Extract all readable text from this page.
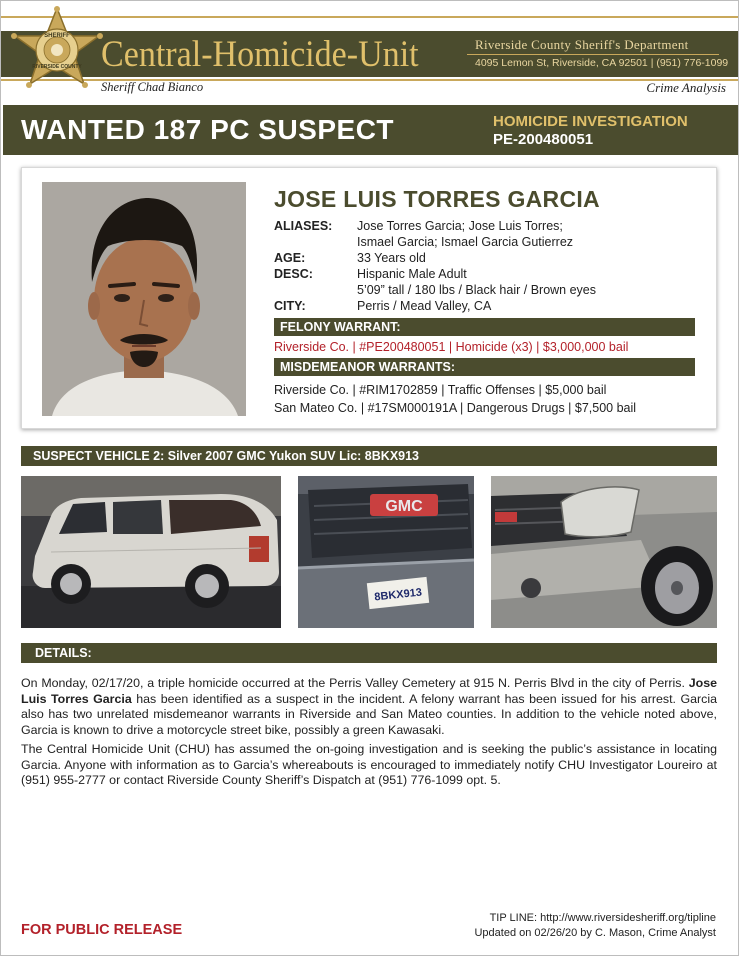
SHERIFF
RIVERSIDE COUNTY Central-Homicide-Unit	Riverside County Sheriff's Department
4095 Lemon St, Riverside, CA 92501 | (951) 776-1099
Sheriff Chad Bianco	Crime Analysis
WANTED 187 PC SUSPECT	HOMICIDE INVESTIGATION
PE-200480051
JOSE LUIS TORRES GARCIA
ALIASES:	Jose Torres Garcia; Jose Luis Torres;
Ismael Garcia; Ismael Garcia Gutierrez
AGE:	33 Years old
DESC:	Hispanic Male Adult
5’09” tall / 180 lbs / Black hair / Brown eyes
CITY:	Perris / Mead Valley, CA
FELONY WARRANT:
Riverside Co. | #PE200480051 | Homicide (x3) | $3,000,000 bail
MISDEMEANOR WARRANTS:
Riverside Co. | #RIM1702859 | Traffic Offenses | $5,000 bail
San Mateo Co. | #17SM000191A | Dangerous Drugs | $7,500 bail
SUSPECT VEHICLE 2: Silver 2007 GMC Yukon SUV Lic: 8BKX913
GMC
8BKX913
DETAILS:

On Monday, 02/17/20, a triple homicide occurred at the Perris Valley Cemetery at 915 N. Perris Blvd in the city of Perris. Jose Luis Torres Garcia has been identified as a suspect in the incident. A felony warrant has been issued for his arrest. Garcia also has two unrelated misdemeanor warrants in Riverside and San Mateo counties. In addition to the vehicle noted above, Garcia is known to drive a motorcycle street bike, possibly a green Kawasaki.

The Central Homicide Unit (CHU) has assumed the on-going investigation and is seeking the public’s assistance in locating Garcia. Anyone with information as to Garcia’s whereabouts is encouraged to immediately notify CHU Investigator Loureiro at (951) 955-2777 or contact Riverside County Sheriff’s Dispatch at (951) 776-1099 opt. 5.

FOR PUBLIC RELEASE
TIP LINE: http://www.riversidesheriff.org/tipline
Updated on 02/26/20 by C. Mason, Crime Analyst
